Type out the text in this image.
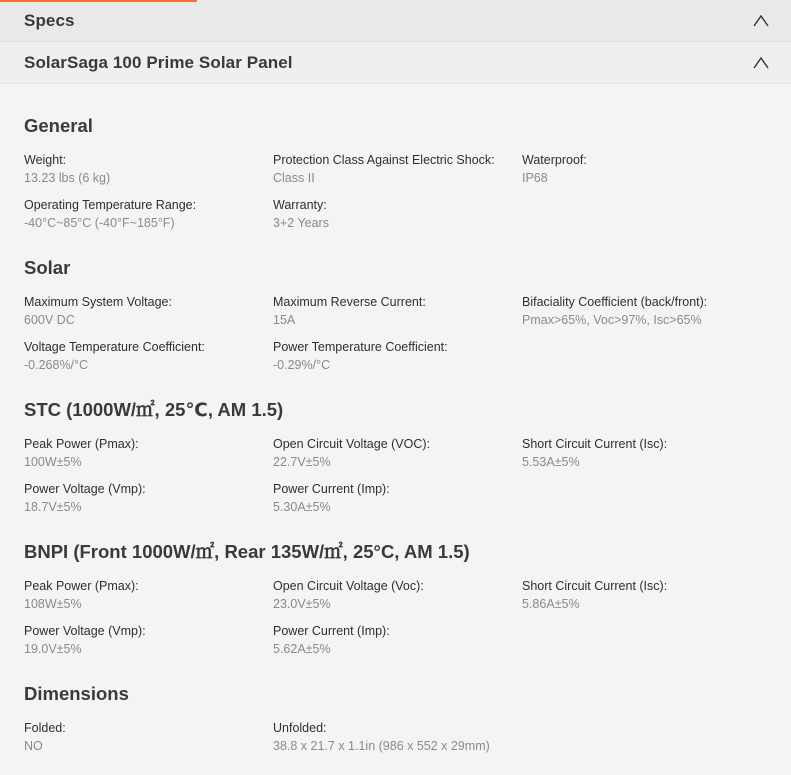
Specs
SolarSaga 100 Prime Solar Panel
General
Weight:
13.23 lbs (6 kg)
Protection Class Against Electric Shock:
Class II
Waterproof:
IP68
Operating Temperature Range:
-40°C~85°C (-40°F~185°F)
Warranty:
3+2 Years
Solar
Maximum System Voltage:
600V DC
Maximum Reverse Current:
15A
Bifaciality Coefficient (back/front):
Pmax>65%, Voc>97%, Isc>65%
Voltage Temperature Coefficient:
-0.268%/°C
Power Temperature Coefficient:
-0.29%/°C
STC (1000W/㎡, 25℃, AM 1.5)
Peak Power (Pmax):
100W±5%
Open Circuit Voltage (VOC):
22.7V±5%
Short Circuit Current (Isc):
5.53A±5%
Power Voltage (Vmp):
18.7V±5%
Power Current (Imp):
5.30A±5%
BNPI (Front 1000W/㎡, Rear 135W/㎡, 25°C, AM 1.5)
Peak Power (Pmax):
108W±5%
Open Circuit Voltage (Voc):
23.0V±5%
Short Circuit Current (Isc):
5.86A±5%
Power Voltage (Vmp):
19.0V±5%
Power Current (Imp):
5.62A±5%
Dimensions
Folded:
NO
Unfolded:
38.8 x 21.7 x 1.1in (986 x 552 x 29mm)
